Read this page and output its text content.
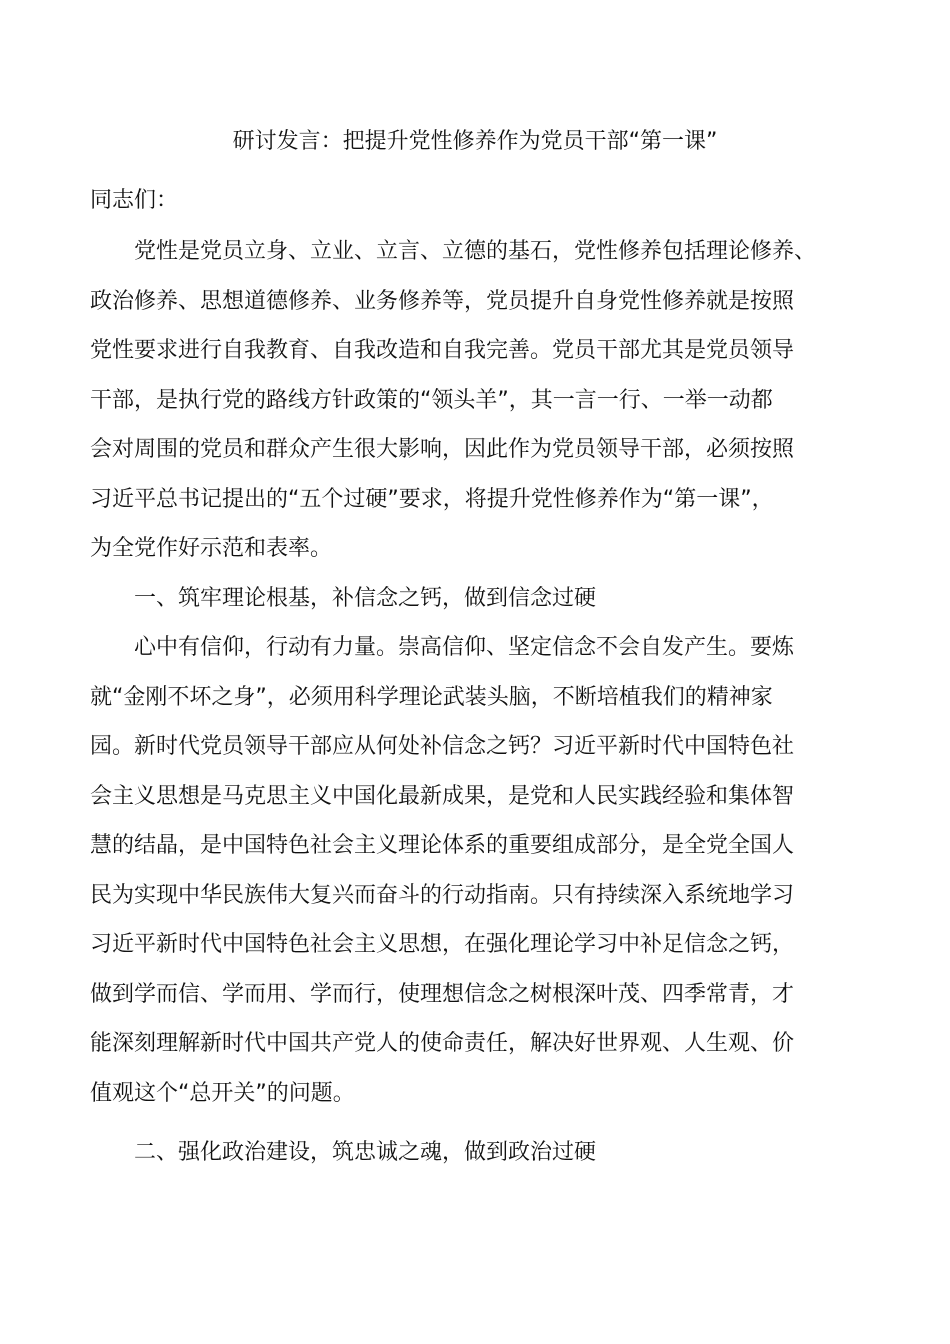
研讨发言：把提升党性修养作为党员干部“第一课”
同志们：

　　党性是党员立身、立业、立言、立德的基石，党性修养包括理论修养、

政治修养、思想道德修养、业务修养等，党员提升自身党性修养就是按照

党性要求进行自我教育、自我改造和自我完善。党员干部尤其是党员领导

干部，是执行党的路线方针政策的“领头羊”，其一言一行、一举一动都

会对周围的党员和群众产生很大影响，因此作为党员领导干部，必须按照

习近平总书记提出的“五个过硬”要求，将提升党性修养作为“第一课”，

为全党作好示范和表率。

　　一、筑牢理论根基，补信念之钙，做到信念过硬

　　心中有信仰，行动有力量。崇高信仰、坚定信念不会自发产生。要炼

就“金刚不坏之身”，必须用科学理论武装头脑，不断培植我们的精神家

园。新时代党员领导干部应从何处补信念之钙？习近平新时代中国特色社

会主义思想是马克思主义中国化最新成果，是党和人民实践经验和集体智

慧的结晶，是中国特色社会主义理论体系的重要组成部分，是全党全国人

民为实现中华民族伟大复兴而奋斗的行动指南。只有持续深入系统地学习

习近平新时代中国特色社会主义思想，在强化理论学习中补足信念之钙，

做到学而信、学而用、学而行，使理想信念之树根深叶茂、四季常青，才

能深刻理解新时代中国共产党人的使命责任，解决好世界观、人生观、价

值观这个“总开关”的问题。

　　二、强化政治建设，筑忠诚之魂，做到政治过硬
